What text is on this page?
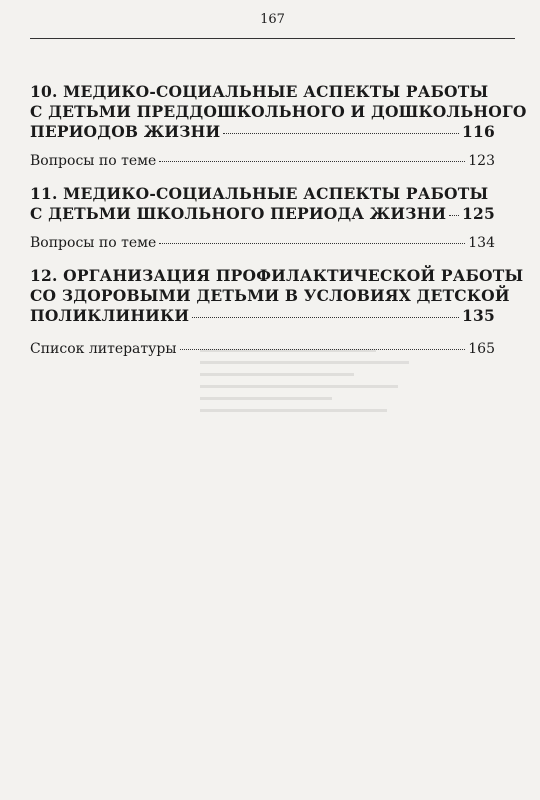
167
10. МЕДИКО-СОЦИАЛЬНЫЕ АСПЕКТЫ РАБОТЫ
С ДЕТЬМИ ПРЕДДОШКОЛЬНОГО И ДОШКОЛЬНОГО
ПЕРИОДОВ ЖИЗНИ	116
Вопросы по теме	123
11. МЕДИКО-СОЦИАЛЬНЫЕ АСПЕКТЫ РАБОТЫ
С ДЕТЬМИ ШКОЛЬНОГО ПЕРИОДА ЖИЗНИ 125
Вопросы по теме	134
12. ОРГАНИЗАЦИЯ ПРОФИЛАКТИЧЕСКОЙ РАБОТЫ
СО ЗДОРОВЫМИ ДЕТЬМИ В УСЛОВИЯХ ДЕТСКОЙ
ПОЛИКЛИНИКИ	135
Список литературы	165
